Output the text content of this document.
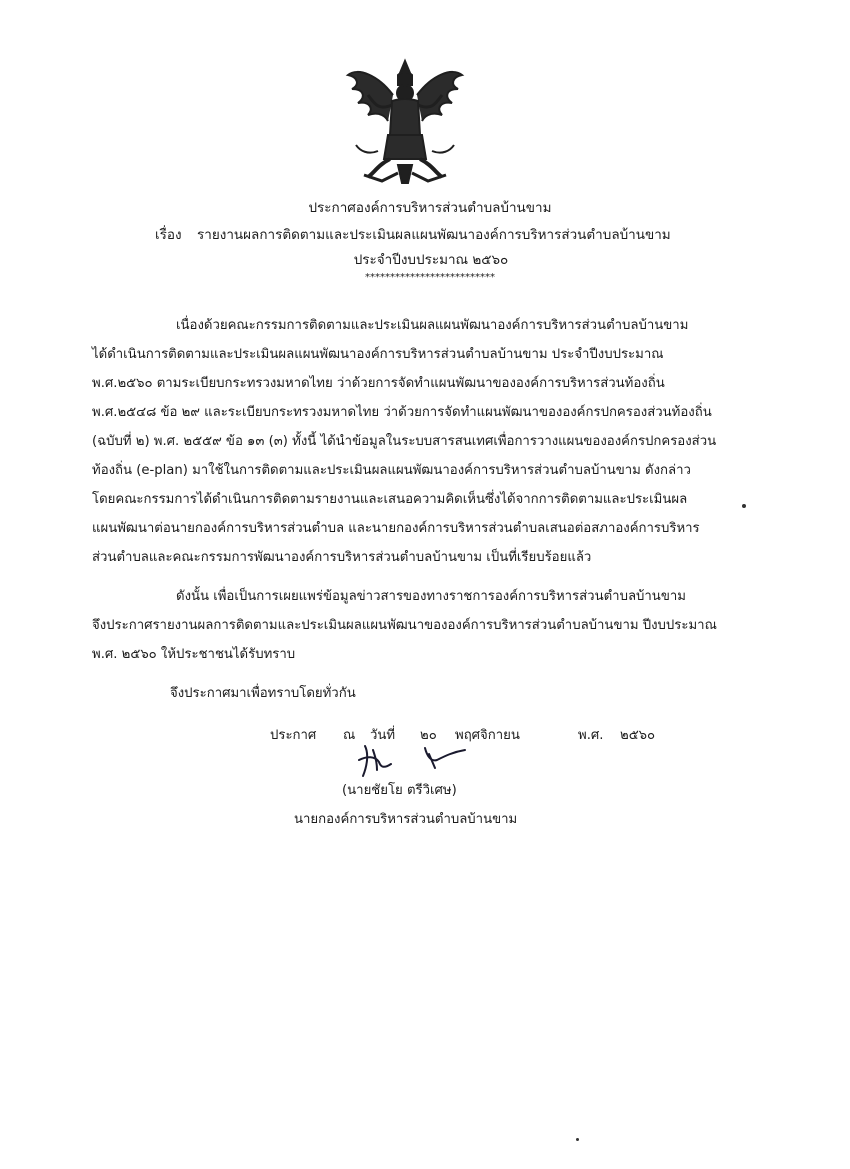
ประกาศองค์การบริหารส่วนตำบลบ้านขาม
เรื่อง รายงานผลการติดตามและประเมินผลแผนพัฒนาองค์การบริหารส่วนตำบลบ้านขาม
ประจำปีงบประมาณ ๒๕๖๐
**************************
เนื่องด้วยคณะกรรมการติดตามและประเมินผลแผนพัฒนาองค์การบริหารส่วนตำบลบ้านขาม
ได้ดำเนินการติดตามและประเมินผลแผนพัฒนาองค์การบริหารส่วนตำบลบ้านขาม ประจำปีงบประมาณ
พ.ศ.๒๕๖๐ ตามระเบียบกระทรวงมหาดไทย ว่าด้วยการจัดทำแผนพัฒนาขององค์การบริหารส่วนท้องถิ่น
พ.ศ.๒๕๔๘ ข้อ ๒๙ และระเบียบกระทรวงมหาดไทย ว่าด้วยการจัดทำแผนพัฒนาขององค์กรปกครองส่วนท้องถิ่น
(ฉบับที่ ๒) พ.ศ. ๒๕๕๙ ข้อ ๑๓ (๓) ทั้งนี้ ได้นำข้อมูลในระบบสารสนเทศเพื่อการวางแผนขององค์กรปกครองส่วน
ท้องถิ่น (e-plan) มาใช้ในการติดตามและประเมินผลแผนพัฒนาองค์การบริหารส่วนตำบลบ้านขาม ดังกล่าว
โดยคณะกรรมการได้ดำเนินการติดตามรายงานและเสนอความคิดเห็นซึ่งได้จากการติดตามและประเมินผล
แผนพัฒนาต่อนายกองค์การบริหารส่วนตำบล และนายกองค์การบริหารส่วนตำบลเสนอต่อสภาองค์การบริหาร
ส่วนตำบลและคณะกรรมการพัฒนาองค์การบริหารส่วนตำบลบ้านขาม เป็นที่เรียบร้อยแล้ว
ดังนั้น เพื่อเป็นการเผยแพร่ข้อมูลข่าวสารของทางราชการองค์การบริหารส่วนตำบลบ้านขาม
จึงประกาศรายงานผลการติดตามและประเมินผลแผนพัฒนาขององค์การบริหารส่วนตำบลบ้านขาม ปีงบประมาณ
พ.ศ. ๒๕๖๐ ให้ประชาชนได้รับทราบ
จึงประกาศมาเพื่อทราบโดยทั่วกัน
ประกาศ ณ วันที่ ๒๐ พฤศจิกายน	พ.ศ. ๒๕๖๐
(นายชัยโย ตรีวิเศษ)
นายกองค์การบริหารส่วนตำบลบ้านขาม
